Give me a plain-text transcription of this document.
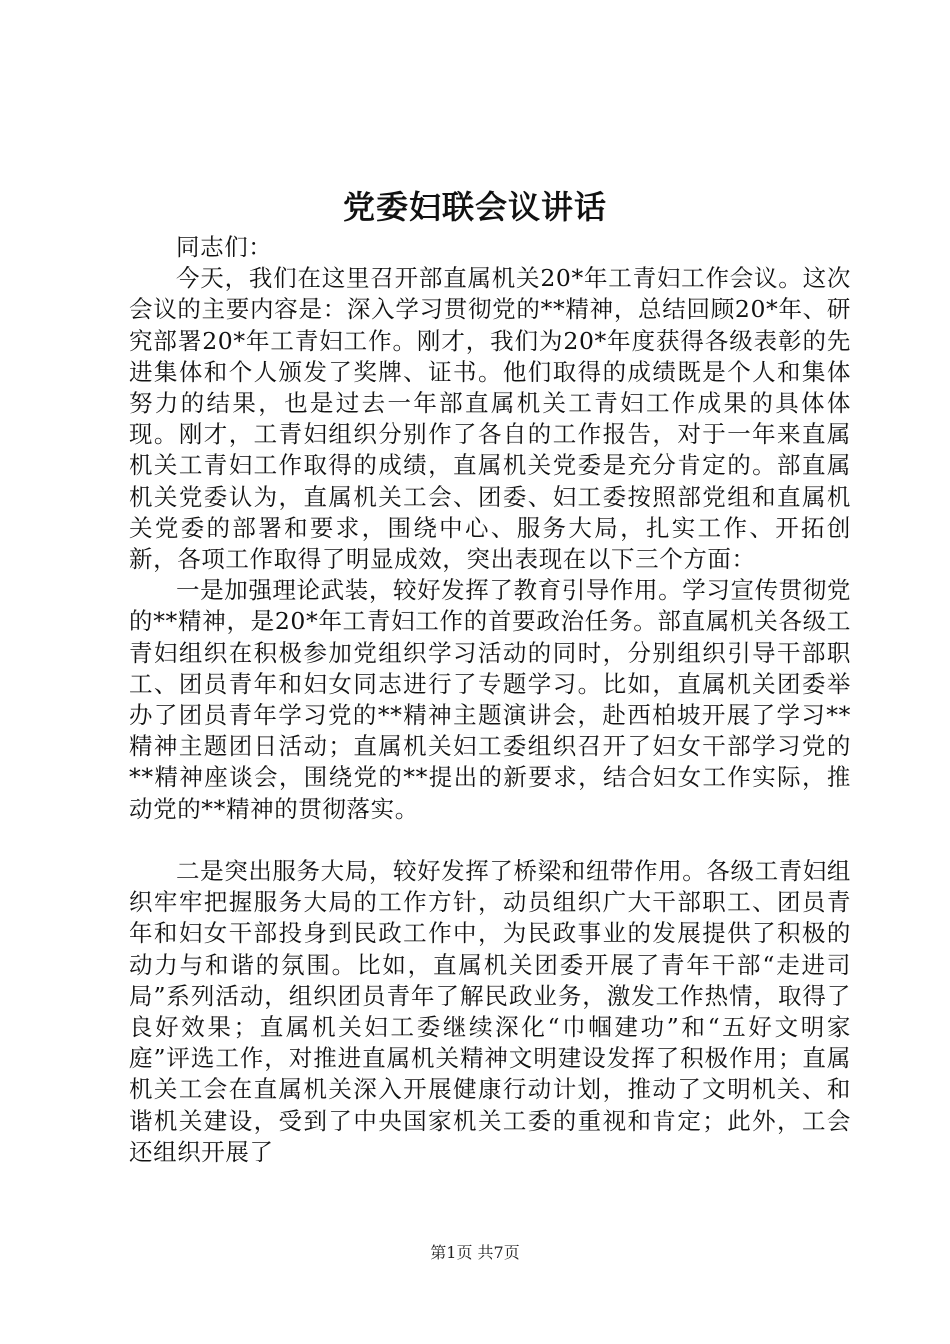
党委妇联会议讲话

同志们：

今天，我们在这里召开部直属机关20*年工青妇工作会议。这次会议的主要内容是：深入学习贯彻党的**精神，总结回顾20*年、研究部署20*年工青妇工作。刚才，我们为20*年度获得各级表彰的先进集体和个人颁发了奖牌、证书。他们取得的成绩既是个人和集体努力的结果，也是过去一年部直属机关工青妇工作成果的具体体现。刚才，工青妇组织分别作了各自的工作报告，对于一年来直属机关工青妇工作取得的成绩，直属机关党委是充分肯定的。部直属机关党委认为，直属机关工会、团委、妇工委按照部党组和直属机关党委的部署和要求，围绕中心、服务大局，扎实工作、开拓创新，各项工作取得了明显成效，突出表现在以下三个方面：

一是加强理论武装，较好发挥了教育引导作用。学习宣传贯彻党的**精神，是20*年工青妇工作的首要政治任务。部直属机关各级工青妇组织在积极参加党组织学习活动的同时，分别组织引导干部职工、团员青年和妇女同志进行了专题学习。比如，直属机关团委举办了团员青年学习党的**精神主题演讲会，赴西柏坡开展了学习**精神主题团日活动；直属机关妇工委组织召开了妇女干部学习党的**精神座谈会，围绕党的**提出的新要求，结合妇女工作实际，推动党的**精神的贯彻落实。

二是突出服务大局，较好发挥了桥梁和纽带作用。各级工青妇组织牢牢把握服务大局的工作方针，动员组织广大干部职工、团员青年和妇女干部投身到民政工作中，为民政事业的发展提供了积极的动力与和谐的氛围。比如，直属机关团委开展了青年干部“走进司局”系列活动，组织团员青年了解民政业务，激发工作热情，取得了良好效果；直属机关妇工委继续深化“巾帼建功”和“五好文明家庭”评选工作，对推进直属机关精神文明建设发挥了积极作用；直属机关工会在直属机关深入开展健康行动计划，推动了文明机关、和谐机关建设，受到了中央国家机关工委的重视和肯定；此外，工会还组织开展了

第1页 共7页
